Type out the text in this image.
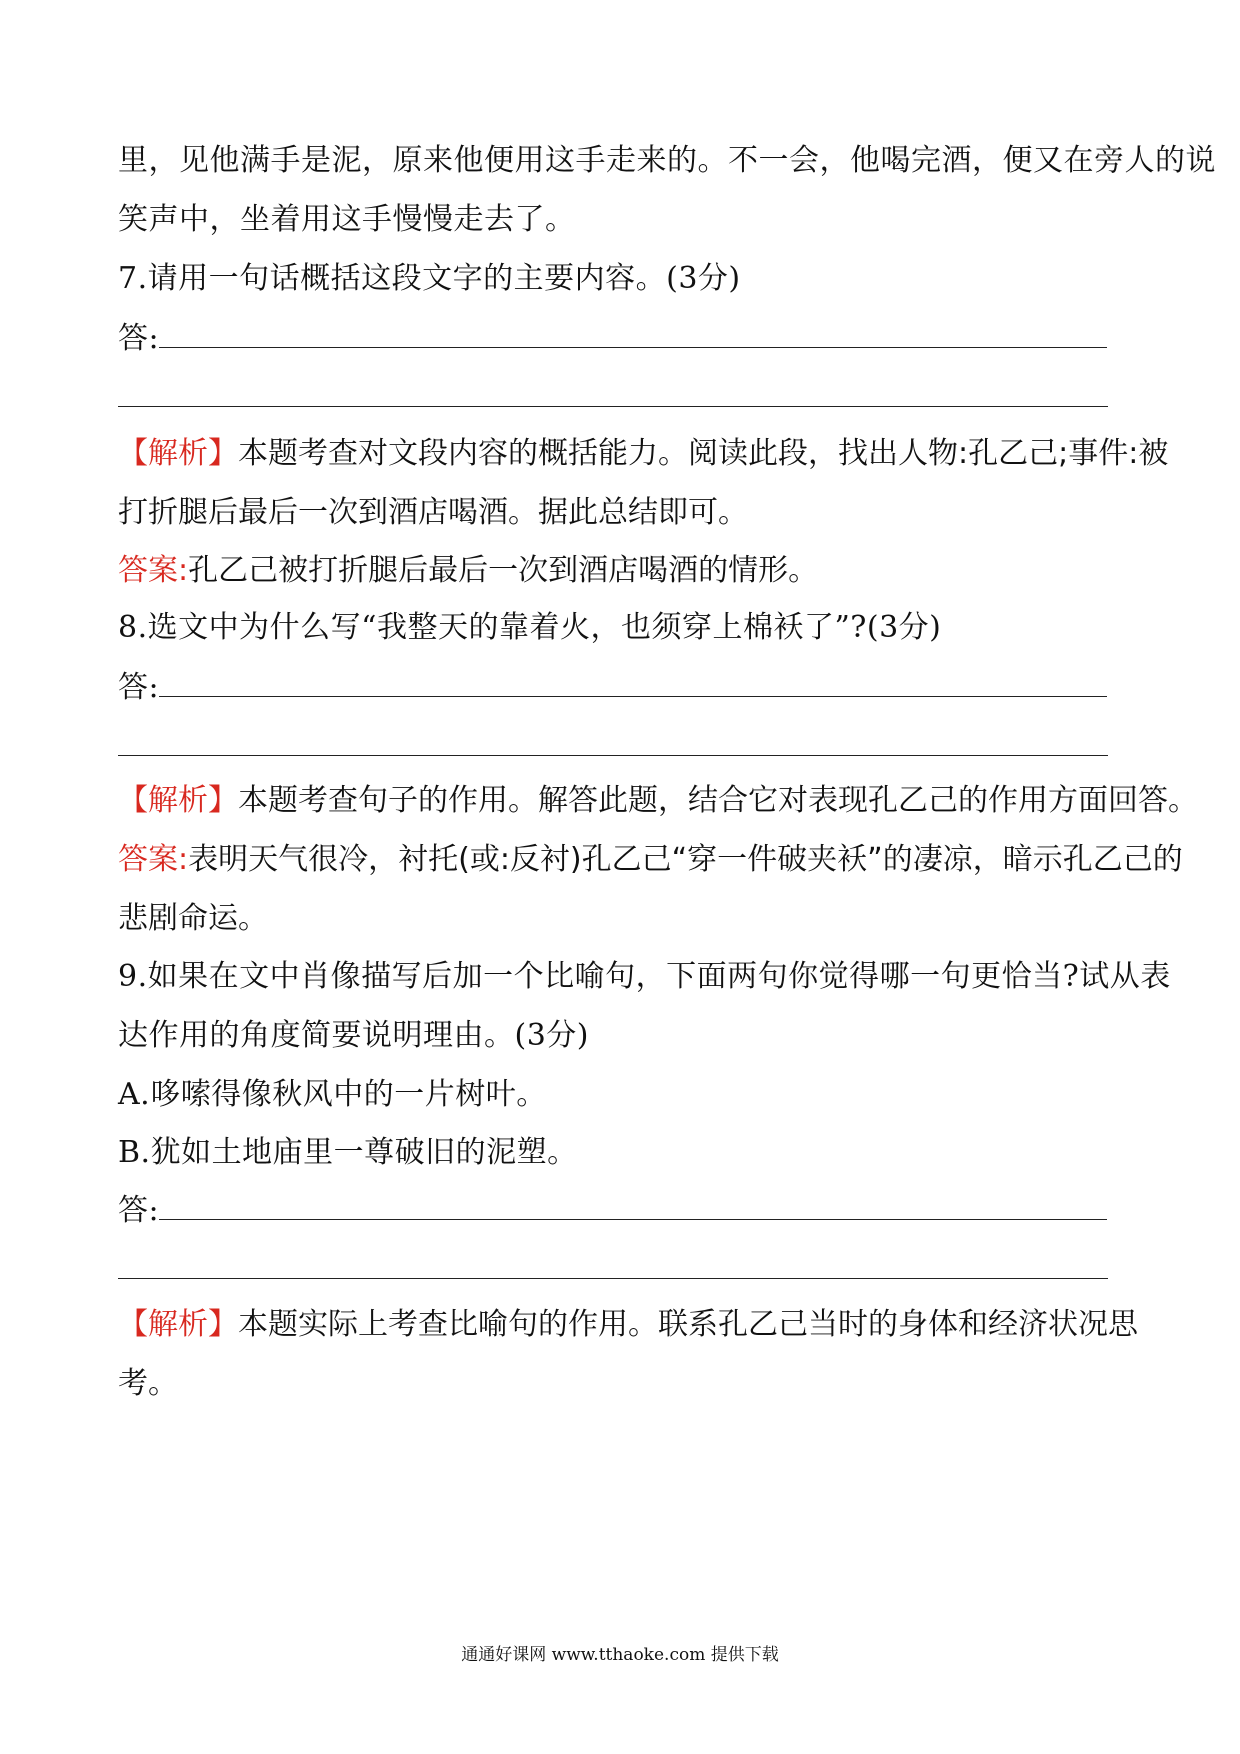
里，见他满手是泥，原来他便用这手走来的。不一会，他喝完酒，便又在旁人的说
笑声中，坐着用这手慢慢走去了。
7.请用一句话概括这段文字的主要内容。(3分)
答:
【解析】本题考查对文段内容的概括能力。阅读此段，找出人物:孔乙己;事件:被
打折腿后最后一次到酒店喝酒。据此总结即可。
答案:孔乙己被打折腿后最后一次到酒店喝酒的情形。
8.选文中为什么写“我整天的靠着火，也须穿上棉袄了”?(3分)
答:
【解析】本题考查句子的作用。解答此题，结合它对表现孔乙己的作用方面回答。
答案:表明天气很冷，衬托(或:反衬)孔乙己“穿一件破夹袄”的凄凉，暗示孔乙己的
悲剧命运。
9.如果在文中肖像描写后加一个比喻句，下面两句你觉得哪一句更恰当?试从表
达作用的角度简要说明理由。(3分)
A.哆嗦得像秋风中的一片树叶。
B.犹如土地庙里一尊破旧的泥塑。
答:
【解析】本题实际上考查比喻句的作用。联系孔乙己当时的身体和经济状况思
考。
通通好课网 www.tthaoke.com 提供下载
